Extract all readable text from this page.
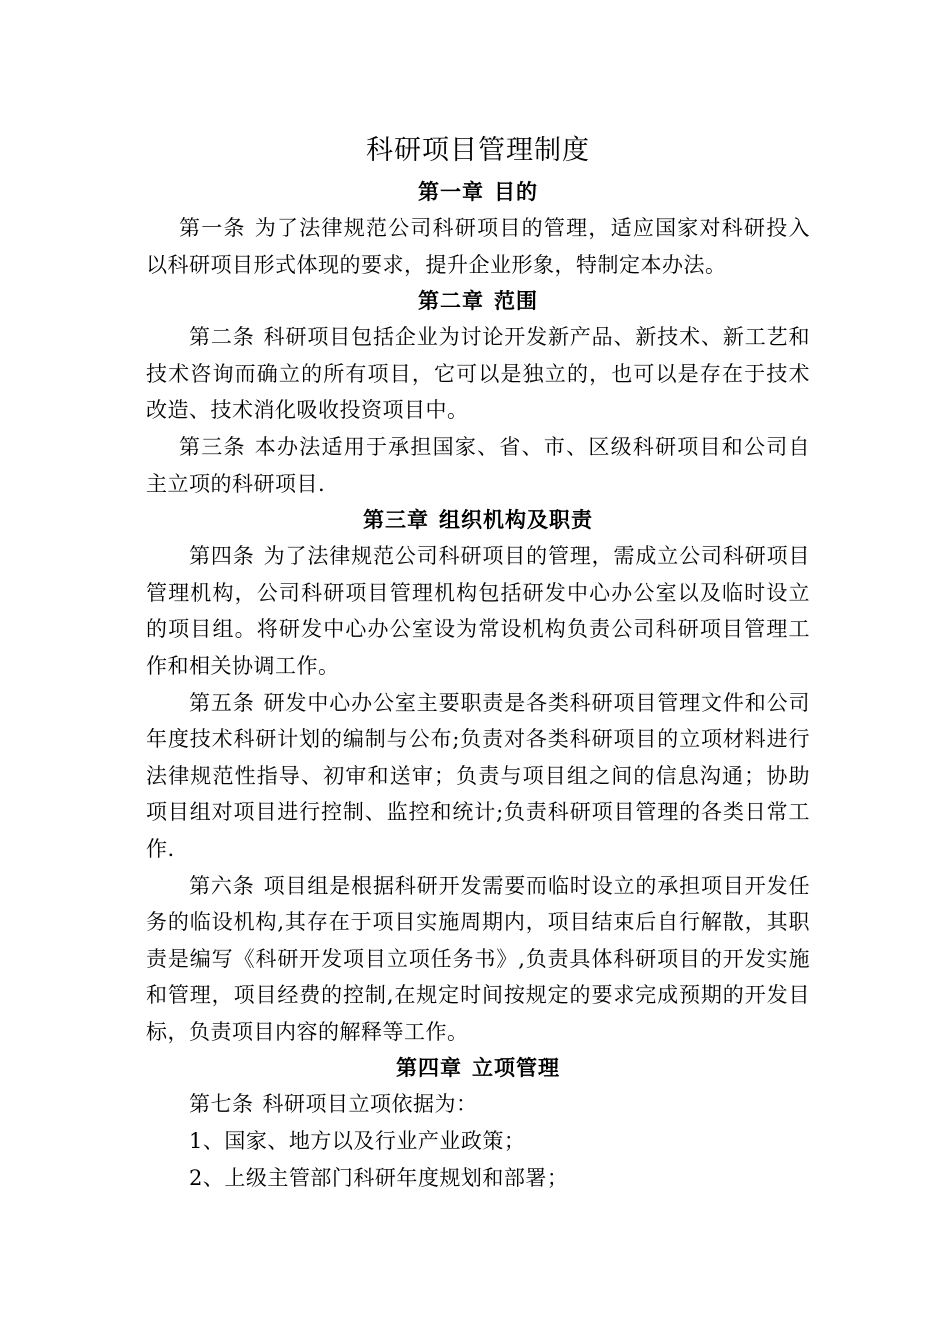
科研项目管理制度
第一章 目的

第一条 为了法律规范公司科研项目的管理，适应国家对科研投入以科研项目形式体现的要求，提升企业形象，特制定本办法。

第二章 范围

第二条 科研项目包括企业为讨论开发新产品、新技术、新工艺和技术咨询而确立的所有项目，它可以是独立的，也可以是存在于技术改造、技术消化吸收投资项目中。

第三条 本办法适用于承担国家、省、市、区级科研项目和公司自主立项的科研项目.

第三章 组织机构及职责

第四条 为了法律规范公司科研项目的管理，需成立公司科研项目管理机构，公司科研项目管理机构包括研发中心办公室以及临时设立的项目组。将研发中心办公室设为常设机构负责公司科研项目管理工作和相关协调工作。

第五条 研发中心办公室主要职责是各类科研项目管理文件和公司年度技术科研计划的编制与公布;负责对各类科研项目的立项材料进行法律规范性指导、初审和送审；负责与项目组之间的信息沟通；协助项目组对项目进行控制、监控和统计;负责科研项目管理的各类日常工作.

第六条 项目组是根据科研开发需要而临时设立的承担项目开发任务的临设机构,其存在于项目实施周期内，项目结束后自行解散，其职责是编写《科研开发项目立项任务书》,负责具体科研项目的开发实施和管理，项目经费的控制,在规定时间按规定的要求完成预期的开发目标，负责项目内容的解释等工作。

第四章 立项管理

第七条 科研项目立项依据为：

1、国家、地方以及行业产业政策；

2、上级主管部门科研年度规划和部署；
